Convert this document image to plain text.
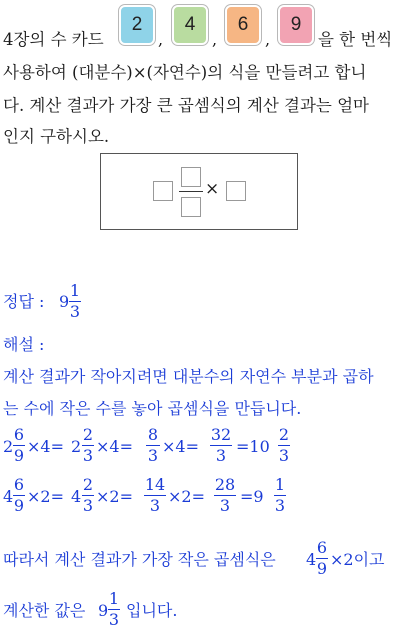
4장의 수 카드
2
,
4
,
6
,
9
을 한 번씩
사용하여 (대분수)×(자연수)의 식을 만들려고 합니
다. 계산 결과가 가장 큰 곱셈식의 계산 결과는 얼마
인지 구하시오.
×
정답 : 9
1
3
해설 :
계산 결과가 작아지려면 대분수의 자연수 부분과 곱하
는 수에 작은 수를 놓아 곱셈식을 만듭니다.
2
6
9 ×4= 2
2
3 ×4=
8
3 ×4=
32
3 =10
2
3
4
6
9 ×2= 4
2
3 ×2=
14
3 ×2=
28
3 =9
1
3
따라서 계산 결과가 가장 작은 곱셈식은 4
6
9 ×2이고
계산한 값은 9
1
3 입니다.
